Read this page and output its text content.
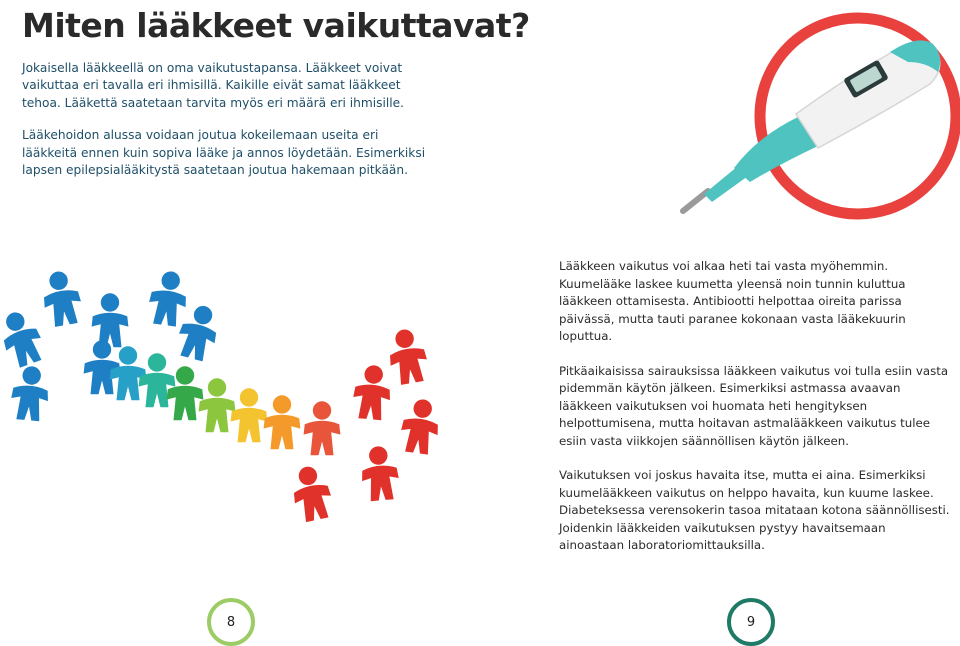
Miten lääkkeet vaikuttavat?

Jokaisella lääkkeellä on oma vaikutustapansa. Lääkkeet voivat vaikuttaa eri tavalla eri ihmisillä. Kaikille eivät samat lääkkeet tehoa. Lääkettä saatetaan tarvita myös eri määrä eri ihmisille.

Lääkehoidon alussa voidaan joutua kokeilemaan useita eri lääkkeitä ennen kuin sopiva lääke ja annos löydetään. Esimerkiksi lapsen epilepsialääkitystä saatetaan joutua hakemaan pitkään.

Lääkkeen vaikutus voi alkaa heti tai vasta myöhemmin. Kuumelääke laskee kuumetta yleensä noin tunnin kuluttua lääkkeen ottamisesta. Antibiootti helpottaa oireita parissa päivässä, mutta tauti paranee kokonaan vasta lääkekuurin loputtua.

Pitkäaikaisissa sairauksissa lääkkeen vaikutus voi tulla esiin vasta pidemmän käytön jälkeen. Esimerkiksi astmassa avaavan lääkkeen vaikutuksen voi huomata heti hengityksen helpottumisena, mutta hoitavan astmalääkkeen vaikutus tulee esiin vasta viikkojen säännöllisen käytön jälkeen.

Vaikutuksen voi joskus havaita itse, mutta ei aina. Esimerkiksi kuumelääkkeen vaikutus on helppo havaita, kun kuume laskee. Diabeteksessa verensokerin tasoa mitataan kotona säännöllisesti. Joidenkin lääkkeiden vaikutuksen pystyy havaitsemaan ainoastaan laboratoriomittauksilla.

8	9
